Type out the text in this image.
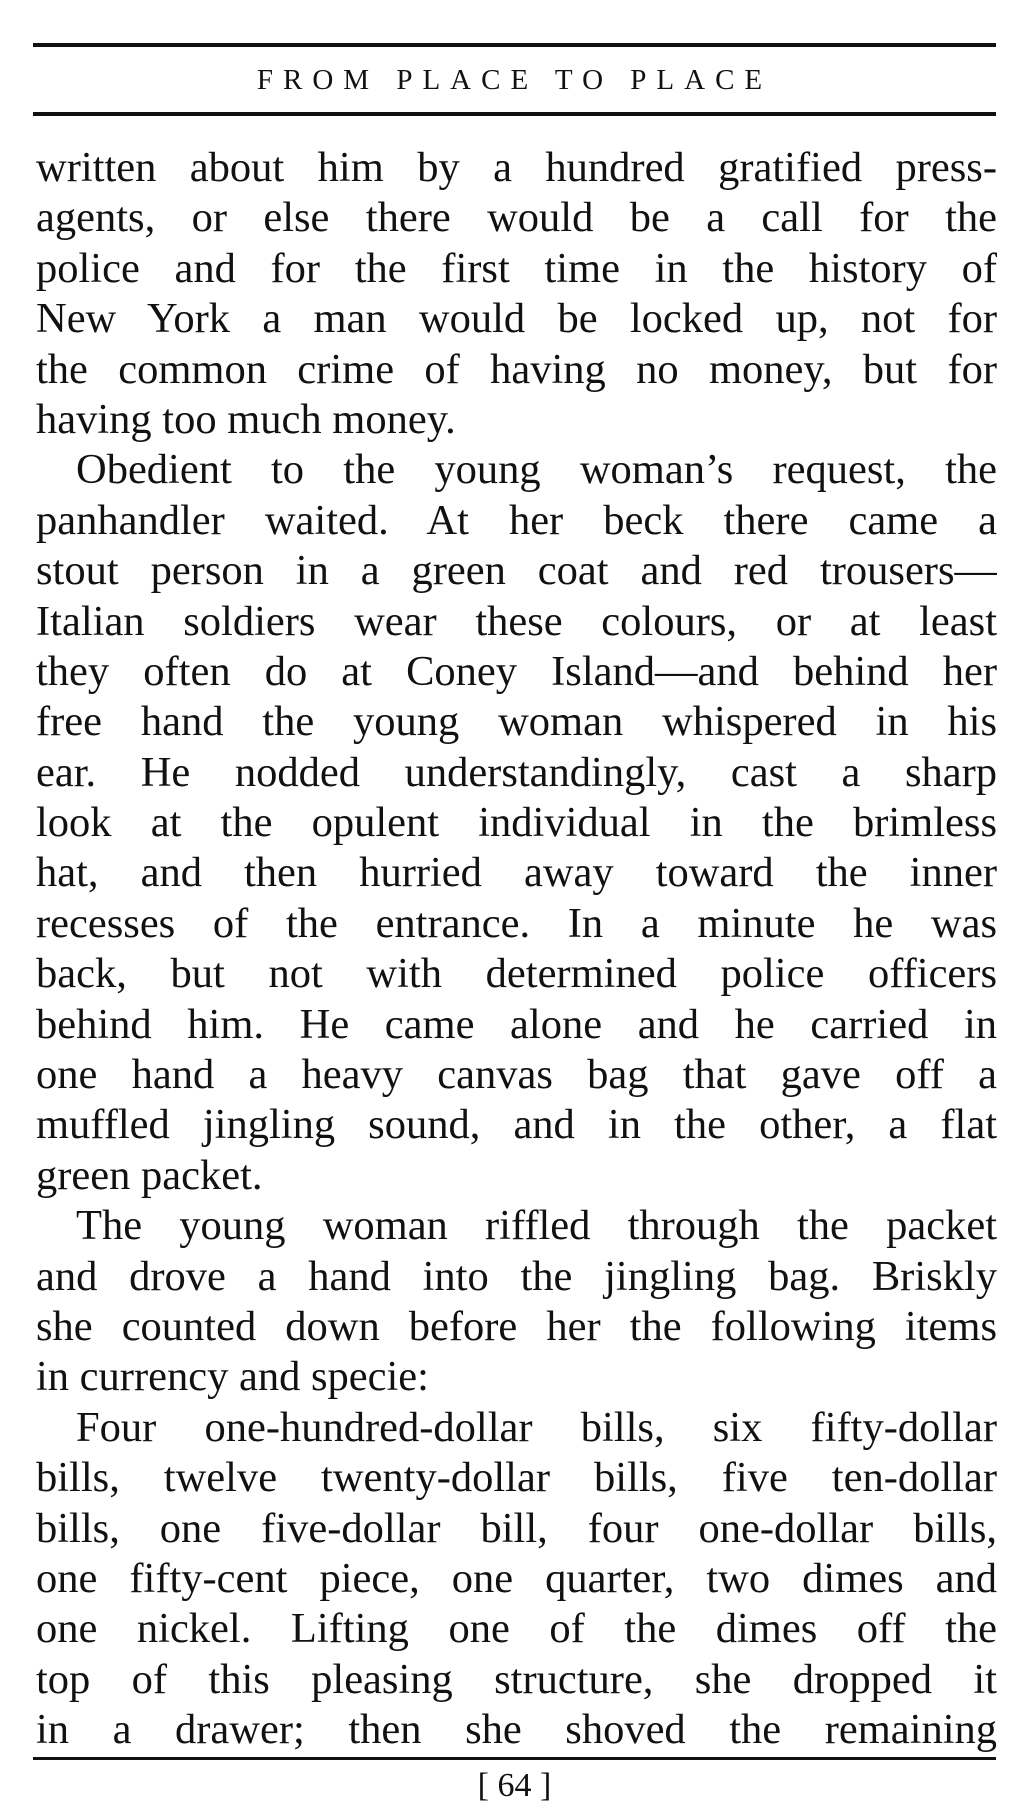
FROM PLACE TO PLACE
written about him by a hundred gratified press-
agents, or else there would be a call for the
police and for the first time in the history of
New York a man would be locked up, not for
the common crime of having no money, but for
having too much money.
Obedient to the young woman’s request, the
panhandler waited. At her beck there came a
stout person in a green coat and red trousers—
Italian soldiers wear these colours, or at least
they often do at Coney Island—and behind her
free hand the young woman whispered in his
ear. He nodded understandingly, cast a sharp
look at the opulent individual in the brimless
hat, and then hurried away toward the inner
recesses of the entrance. In a minute he was
back, but not with determined police officers
behind him. He came alone and he carried in
one hand a heavy canvas bag that gave off a
muffled jingling sound, and in the other, a flat
green packet.
The young woman riffled through the packet
and drove a hand into the jingling bag. Briskly
she counted down before her the following items
in currency and specie:
Four one-hundred-dollar bills, six fifty-dollar
bills, twelve twenty-dollar bills, five ten-dollar
bills, one five-dollar bill, four one-dollar bills,
one fifty-cent piece, one quarter, two dimes and
one nickel. Lifting one of the dimes off the
top of this pleasing structure, she dropped it
in a drawer; then she shoved the remaining
[ 64 ]
